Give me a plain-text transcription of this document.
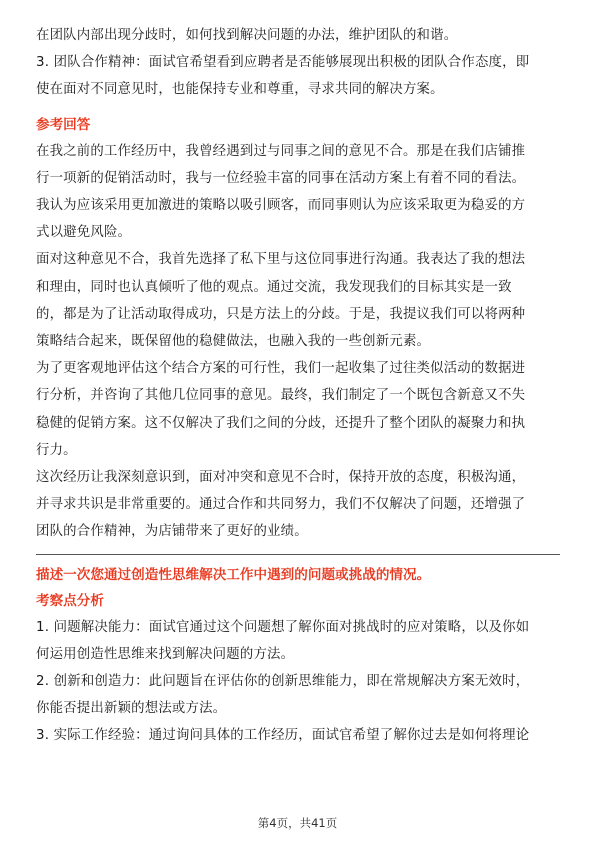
在团队内部出现分歧时，如何找到解决问题的办法，维护团队的和谐。

3. 团队合作精神：面试官希望看到应聘者是否能够展现出积极的团队合作态度，即

使在面对不同意见时，也能保持专业和尊重，寻求共同的解决方案。

参考回答

在我之前的工作经历中，我曾经遇到过与同事之间的意见不合。那是在我们店铺推

行一项新的促销活动时，我与一位经验丰富的同事在活动方案上有着不同的看法。

我认为应该采用更加激进的策略以吸引顾客，而同事则认为应该采取更为稳妥的方

式以避免风险。

面对这种意见不合，我首先选择了私下里与这位同事进行沟通。我表达了我的想法

和理由，同时也认真倾听了他的观点。通过交流，我发现我们的目标其实是一致

的，都是为了让活动取得成功，只是方法上的分歧。于是，我提议我们可以将两种

策略结合起来，既保留他的稳健做法，也融入我的一些创新元素。

为了更客观地评估这个结合方案的可行性，我们一起收集了过往类似活动的数据进

行分析，并咨询了其他几位同事的意见。最终，我们制定了一个既包含新意又不失

稳健的促销方案。这不仅解决了我们之间的分歧，还提升了整个团队的凝聚力和执

行力。

这次经历让我深刻意识到，面对冲突和意见不合时，保持开放的态度，积极沟通，

并寻求共识是非常重要的。通过合作和共同努力，我们不仅解决了问题，还增强了

团队的合作精神，为店铺带来了更好的业绩。

描述一次您通过创造性思维解决工作中遇到的问题或挑战的情况。

考察点分析

1. 问题解决能力：面试官通过这个问题想了解你面对挑战时的应对策略，以及你如

何运用创造性思维来找到解决问题的方法。

2. 创新和创造力：此问题旨在评估你的创新思维能力，即在常规解决方案无效时，

你能否提出新颖的想法或方法。

3. 实际工作经验：通过询问具体的工作经历，面试官希望了解你过去是如何将理论

第4页，共41页
